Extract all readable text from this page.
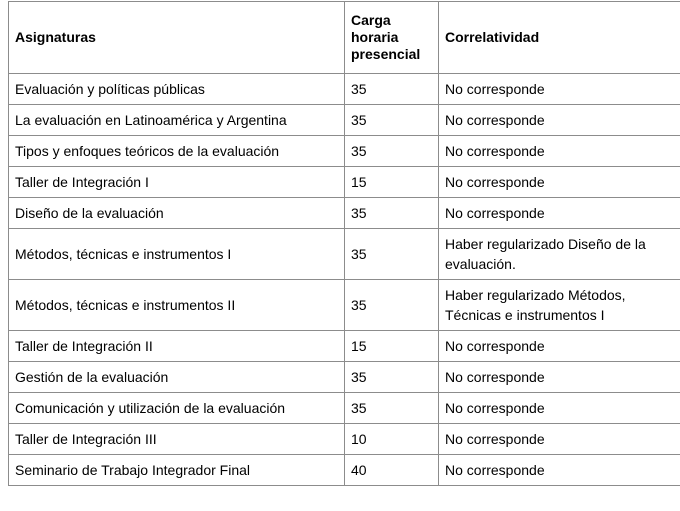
Asignaturas	Carga horaria presencial	Correlatividad
Evaluación y políticas públicas	35	No corresponde
La evaluación en Latinoamérica y Argentina	35	No corresponde
Tipos y enfoques teóricos de la evaluación	35	No corresponde
Taller de Integración I	15	No corresponde
Diseño de la evaluación	35	No corresponde
Métodos, técnicas e instrumentos I	35	Haber regularizado Diseño de la evaluación.
Métodos, técnicas e instrumentos II	35	Haber regularizado Métodos, Técnicas e instrumentos I
Taller de Integración II	15	No corresponde
Gestión de la evaluación	35	No corresponde
Comunicación y utilización de la evaluación	35	No corresponde
Taller de Integración III	10	No corresponde
Seminario de Trabajo Integrador Final	40	No corresponde
